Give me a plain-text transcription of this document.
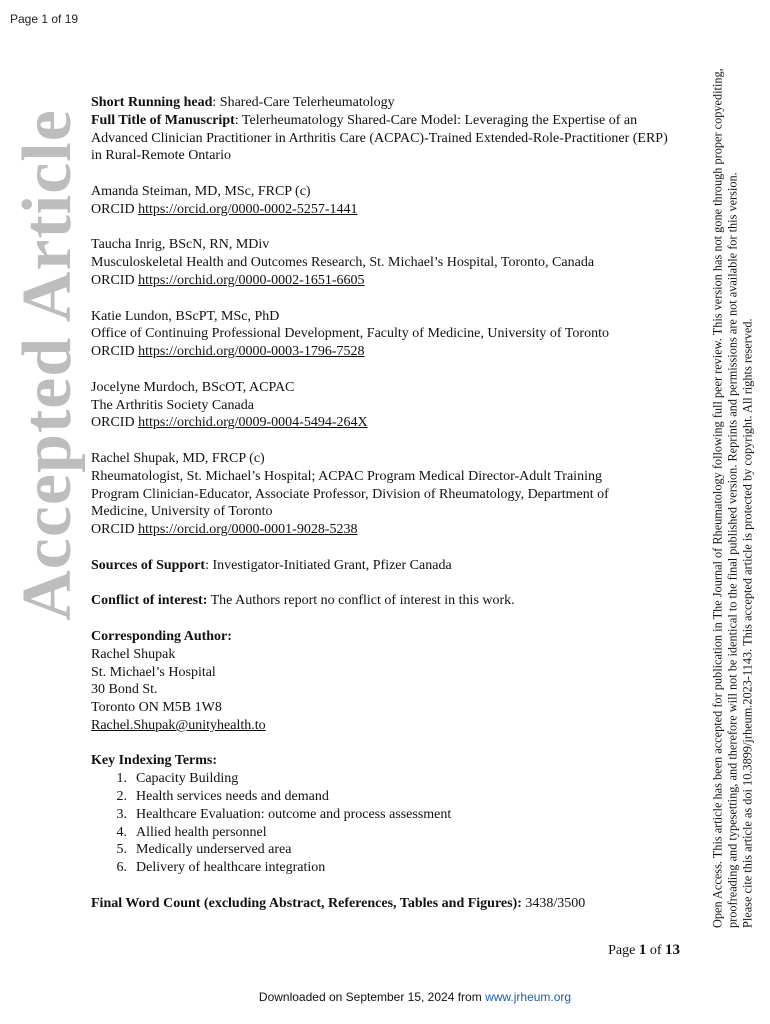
Page 1 of 19
Accepted Article	Open Access. This article has been accepted for publication in The Journal of Rheumatology following full peer review. This version has not gone through proper copyediting, proofreading and typesetting, and therefore will not be identical to the final published version. Reprints and permissions are not available for this version. Please cite this article as doi 10.3899/jrheum.2023-1143. This accepted article is protected by copyright. All rights reserved.
Short Running head: Shared-Care Telerheumatology
Full Title of Manuscript: Telerheumatology Shared-Care Model: Leveraging the Expertise of an Advanced Clinician Practitioner in Arthritis Care (ACPAC)-Trained Extended-Role-Practitioner (ERP) in Rural-Remote Ontario
Amanda Steiman, MD, MSc, FRCP (c)
ORCID https://orcid.org/0000-0002-5257-1441
Taucha Inrig, BScN, RN, MDiv
Musculoskeletal Health and Outcomes Research, St. Michael’s Hospital, Toronto, Canada
ORCID https://orchid.org/0000-0002-1651-6605
Katie Lundon, BScPT, MSc, PhD
Office of Continuing Professional Development, Faculty of Medicine, University of Toronto
ORCID https://orchid.org/0000-0003-1796-7528
Jocelyne Murdoch, BScOT, ACPAC
The Arthritis Society Canada
ORCID https://orchid.org/0009-0004-5494-264X
Rachel Shupak, MD, FRCP (c)
Rheumatologist, St. Michael’s Hospital; ACPAC Program Medical Director-Adult Training
Program Clinician-Educator, Associate Professor, Division of Rheumatology, Department of
Medicine, University of Toronto
ORCID https://orcid.org/0000-0001-9028-5238
Sources of Support: Investigator-Initiated Grant, Pfizer Canada
Conflict of interest: The Authors report no conflict of interest in this work.
Corresponding Author:
Rachel Shupak
St. Michael’s Hospital
30 Bond St.
Toronto ON M5B 1W8
Rachel.Shupak@unityhealth.to
Key Indexing Terms:
1. Capacity Building
2. Health services needs and demand
3. Healthcare Evaluation: outcome and process assessment
4. Allied health personnel
5. Medically underserved area
6. Delivery of healthcare integration
Final Word Count (excluding Abstract, References, Tables and Figures): 3438/3500
Page 1 of 13
Downloaded on September 15, 2024 from www.jrheum.org
